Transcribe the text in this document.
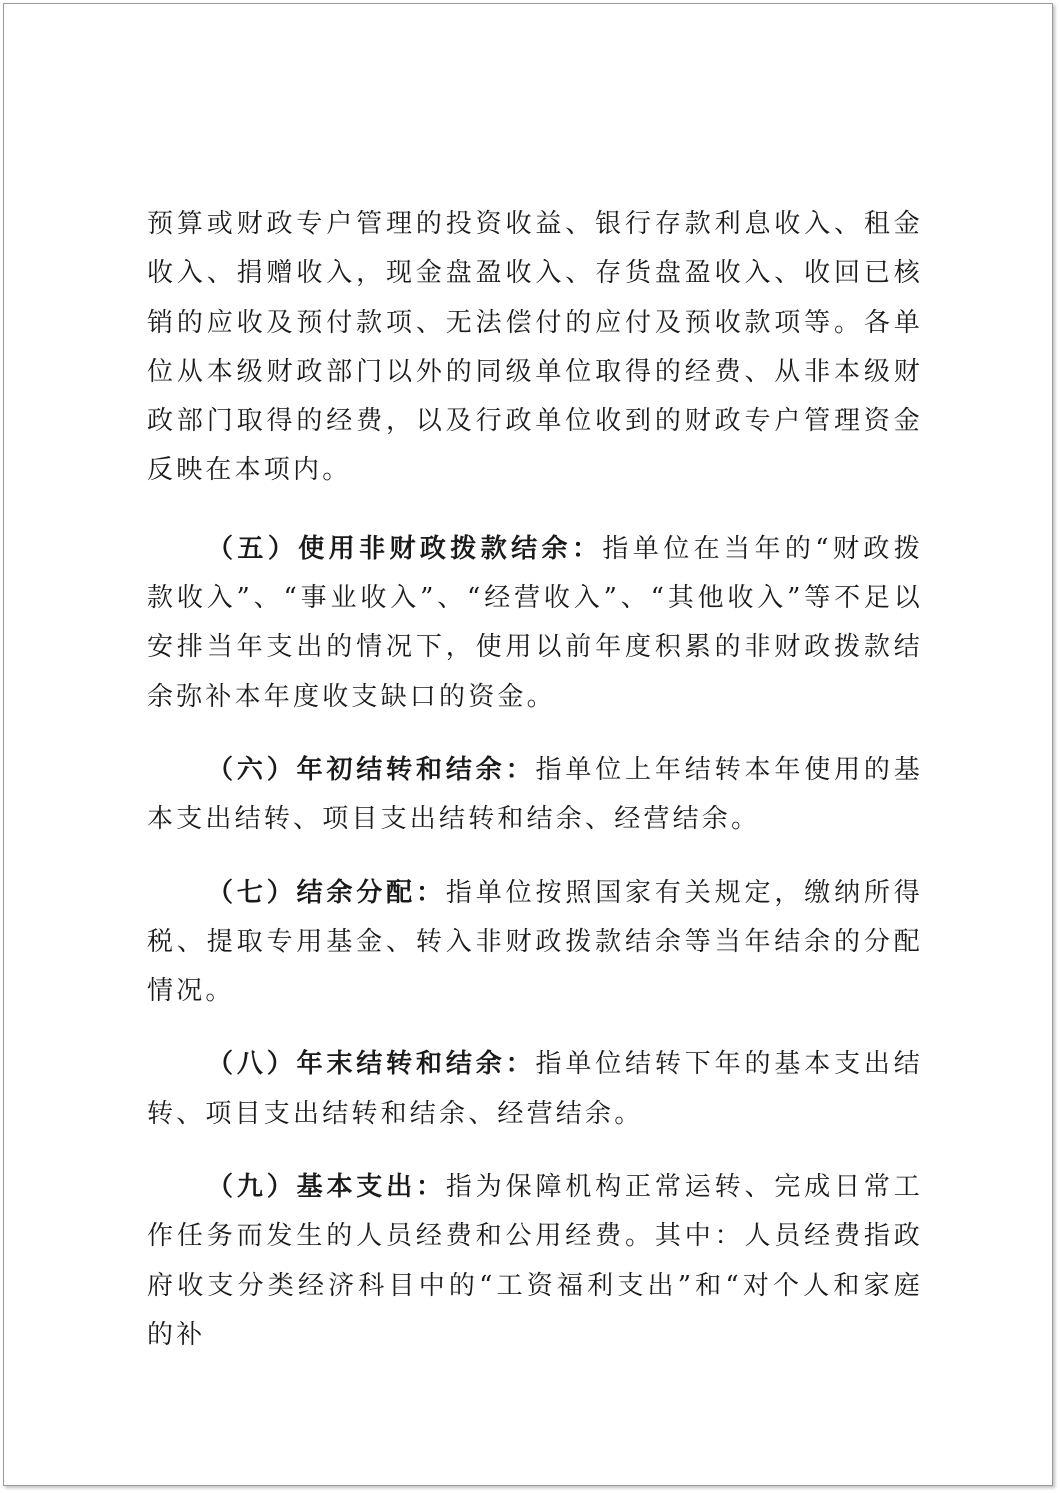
预算或财政专户管理的投资收益、银行存款利息收入、租金收入、捐赠收入，现金盘盈收入、存货盘盈收入、收回已核销的应收及预付款项、无法偿付的应付及预收款项等。各单位从本级财政部门以外的同级单位取得的经费、从非本级财政部门取得的经费，以及行政单位收到的财政专户管理资金反映在本项内。

（五）使用非财政拨款结余：指单位在当年的“财政拨款收入”、“事业收入”、“经营收入”、“其他收入”等不足以安排当年支出的情况下，使用以前年度积累的非财政拨款结余弥补本年度收支缺口的资金。

（六）年初结转和结余：指单位上年结转本年使用的基本支出结转、项目支出结转和结余、经营结余。

（七）结余分配：指单位按照国家有关规定，缴纳所得税、提取专用基金、转入非财政拨款结余等当年结余的分配情况。

（八）年末结转和结余：指单位结转下年的基本支出结转、项目支出结转和结余、经营结余。

（九）基本支出：指为保障机构正常运转、完成日常工作任务而发生的人员经费和公用经费。其中：人员经费指政府收支分类经济科目中的“工资福利支出”和“对个人和家庭的补
